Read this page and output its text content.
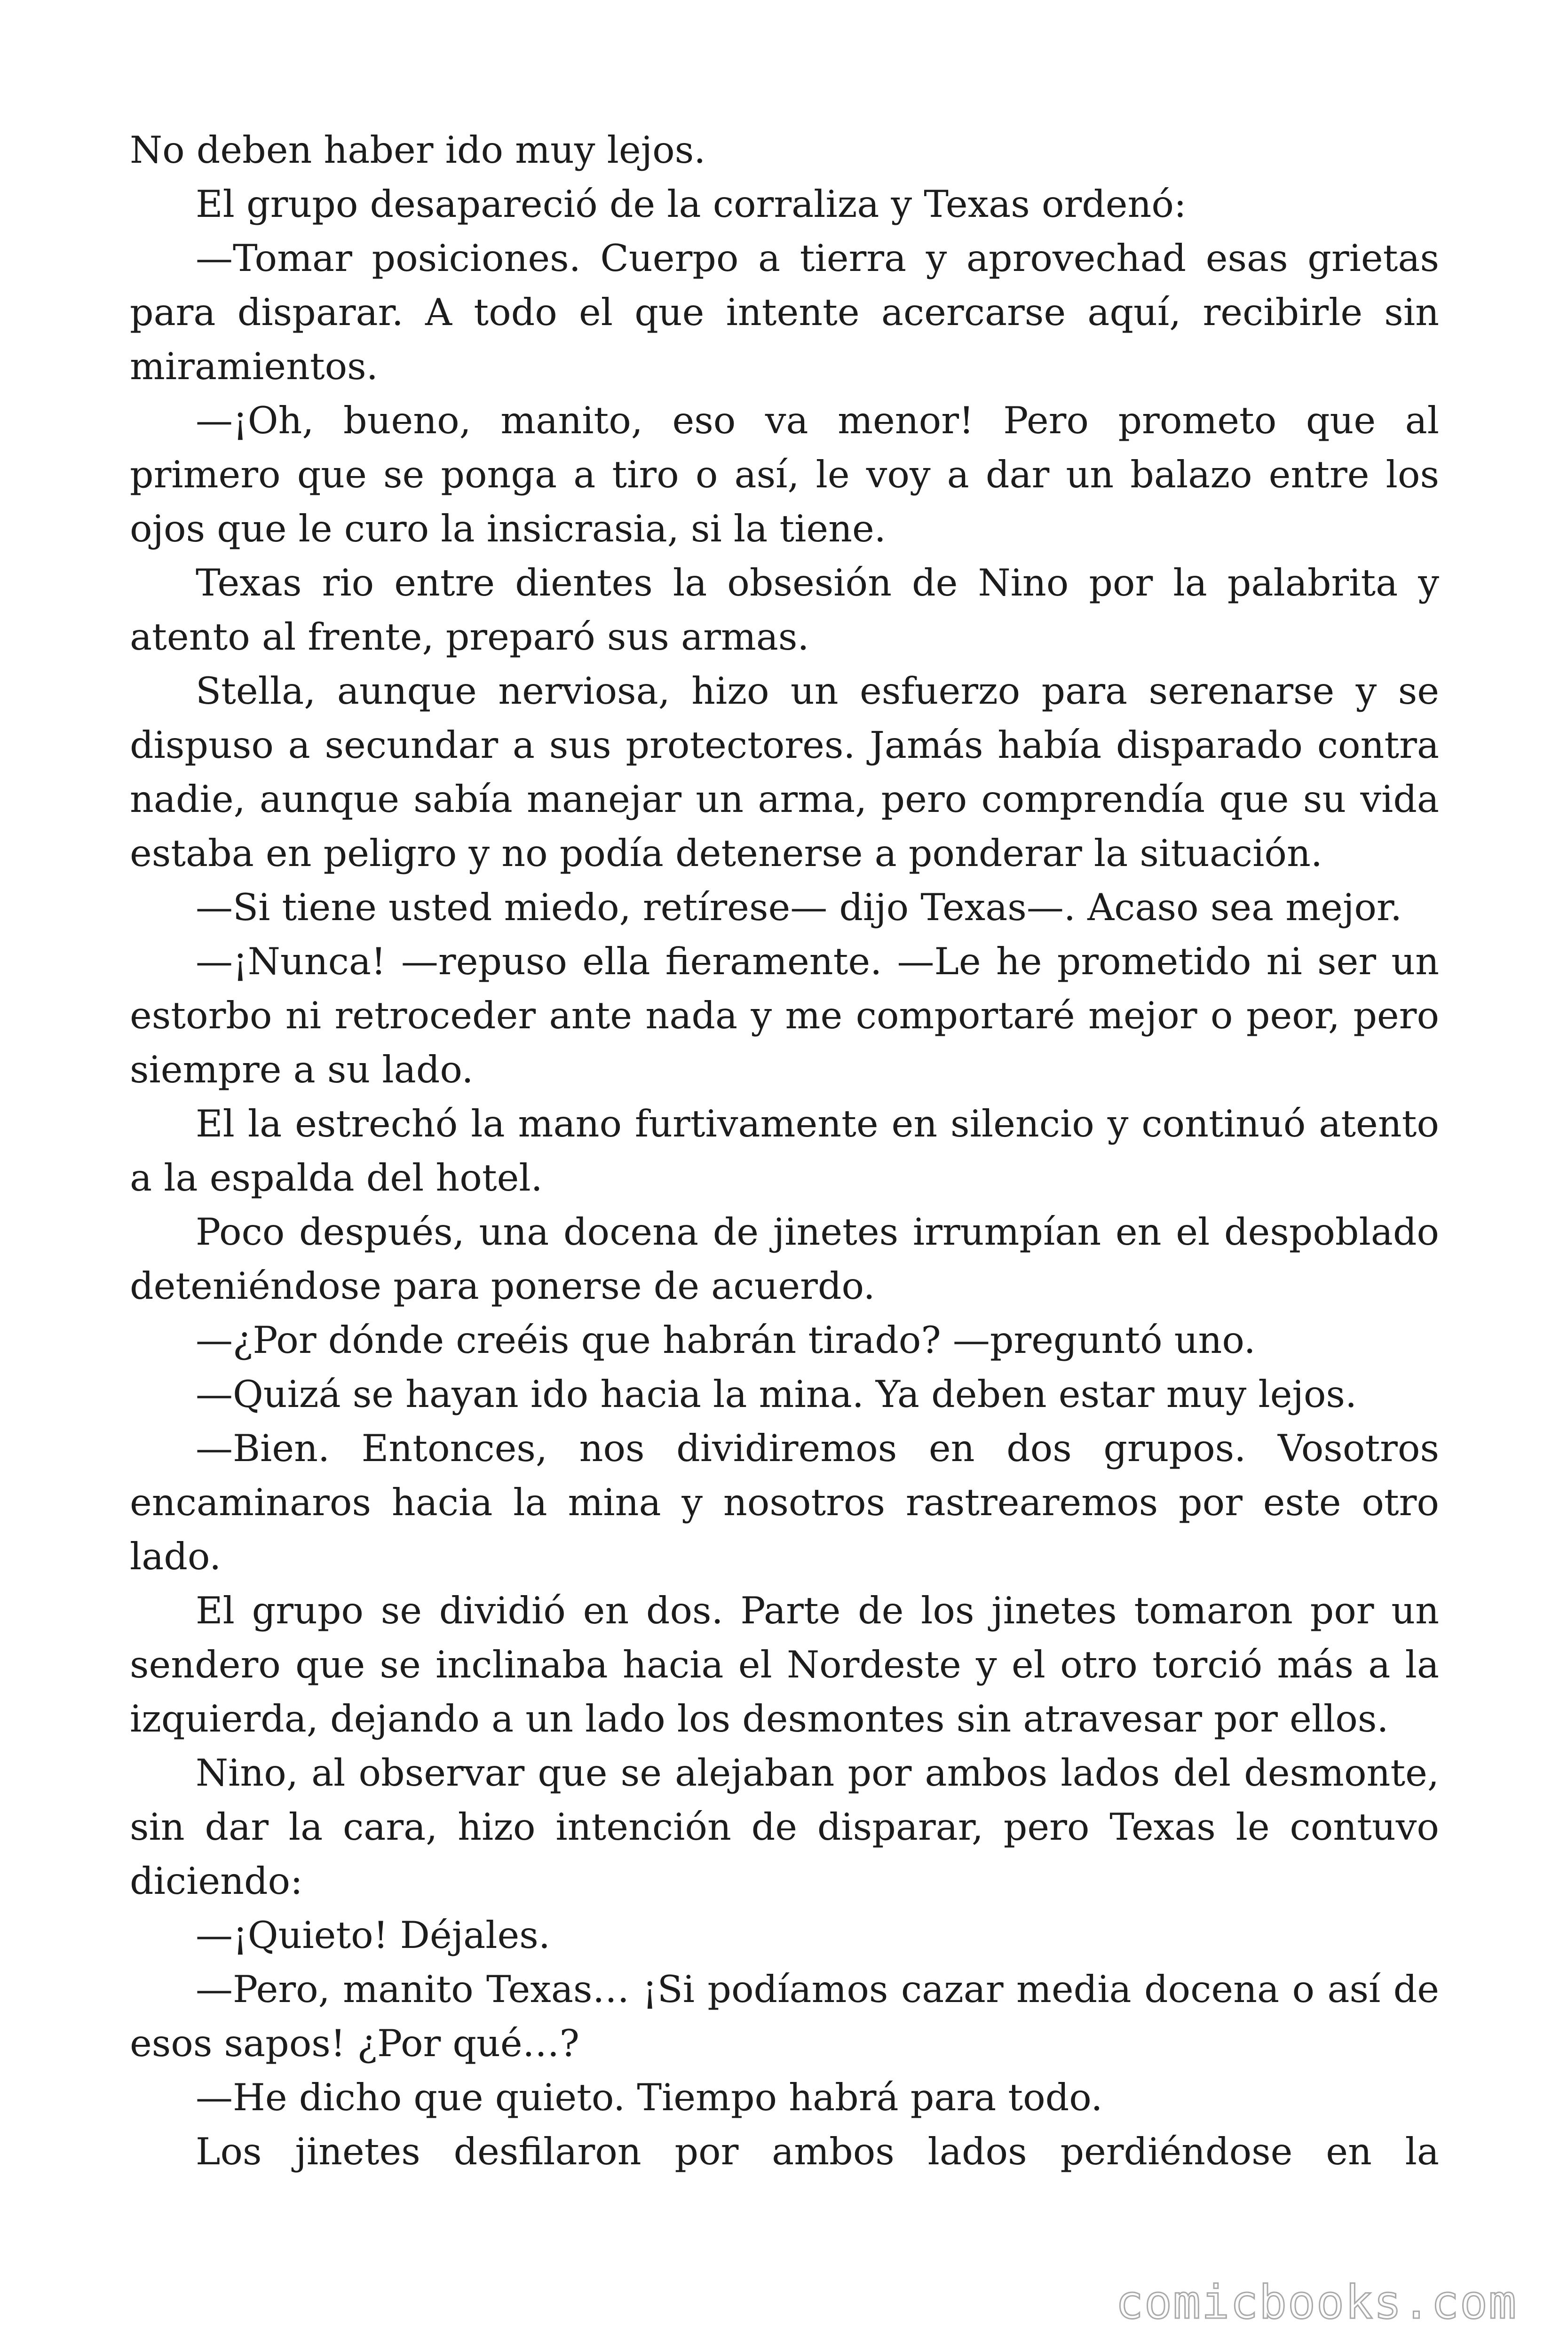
No deben haber ido muy lejos.

El grupo desapareció de la corraliza y Texas ordenó:

—Tomar posiciones. Cuerpo a tierra y aprovechad esas grietas para disparar. A todo el que intente acercarse aquí, recibirle sin miramientos.

—¡Oh, bueno, manito, eso va menor! Pero prometo que al primero que se ponga a tiro o así, le voy a dar un balazo entre los ojos que le curo la insicrasia, si la tiene.

Texas rio entre dientes la obsesión de Nino por la palabrita y atento al frente, preparó sus armas.

Stella, aunque nerviosa, hizo un esfuerzo para serenarse y se dispuso a secundar a sus protectores. Jamás había disparado contra nadie, aunque sabía manejar un arma, pero comprendía que su vida estaba en peligro y no podía detenerse a ponderar la situación.

—Si tiene usted miedo, retírese— dijo Texas—. Acaso sea mejor.

—¡Nunca! —repuso ella fieramente. —Le he prometido ni ser un estorbo ni retroceder ante nada y me comportaré mejor o peor, pero siempre a su lado.

El la estrechó la mano furtivamente en silencio y continuó atento a la espalda del hotel.

Poco después, una docena de jinetes irrumpían en el despoblado deteniéndose para ponerse de acuerdo.

—¿Por dónde creéis que habrán tirado? —preguntó uno.

—Quizá se hayan ido hacia la mina. Ya deben estar muy lejos.

—Bien. Entonces, nos dividiremos en dos grupos. Vosotros encaminaros hacia la mina y nosotros rastrearemos por este otro lado.

El grupo se dividió en dos. Parte de los jinetes tomaron por un sendero que se inclinaba hacia el Nordeste y el otro torció más a la izquierda, dejando a un lado los desmontes sin atravesar por ellos.

Nino, al observar que se alejaban por ambos lados del desmonte, sin dar la cara, hizo intención de disparar, pero Texas le contuvo diciendo:

—¡Quieto! Déjales.

—Pero, manito Texas… ¡Si podíamos cazar media docena o así de esos sapos! ¿Por qué…?

—He dicho que quieto. Tiempo habrá para todo.

Los jinetes desfilaron por ambos lados perdiéndose en la

comicbooks.com
